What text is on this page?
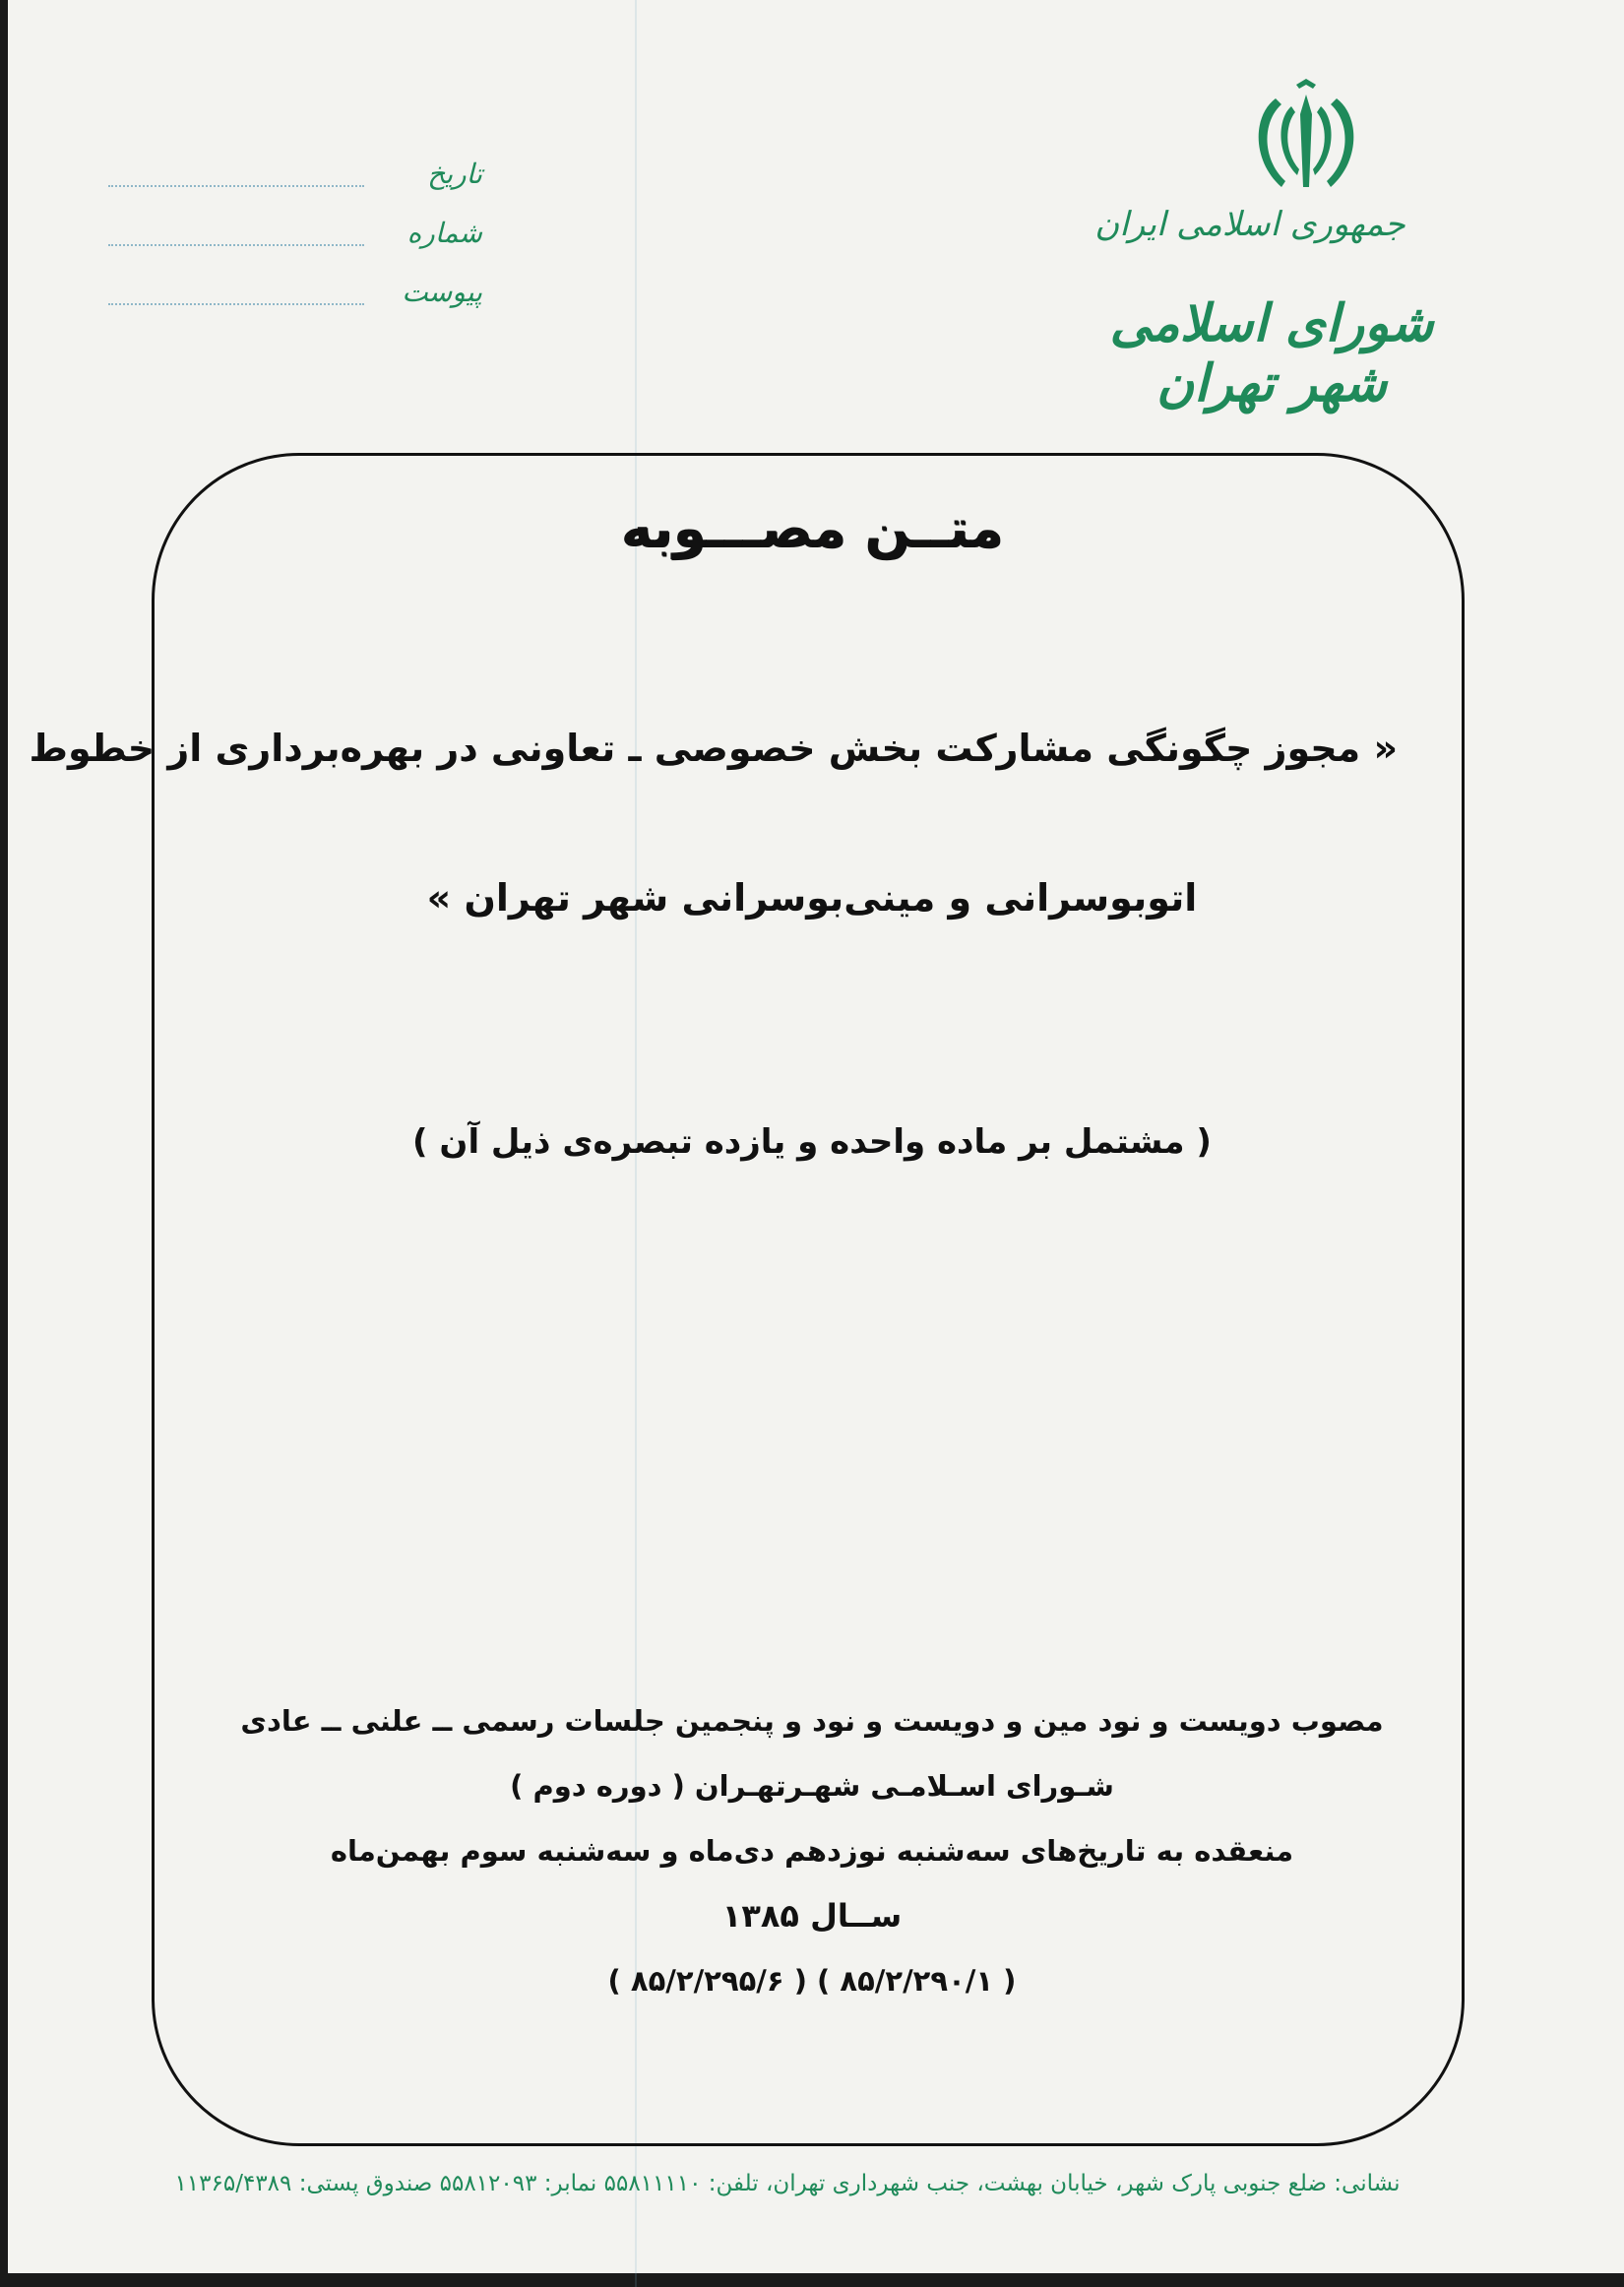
جمهوری اسلامی ایران
شورای اسلامی شهر تهران
تاریخ
شماره
پیوست
متــن مصـــوبه
« مجوز چگونگی مشارکت بخش خصوصی ـ تعاونی در بهره‌برداری از خطوط
اتوبوسرانی و مینی‌بوسرانی شهر تهران »
( مشتمل بر ماده واحده و یازده تبصره‌ی ذیل آن )
مصوب دویست و نود مین و دویست و نود و پنجمین جلسات رسمی ــ علنی ــ عادی
شـورای اسـلامـی شهـرتهـران ( دوره دوم )
منعقده به تاریخ‌های سه‌شنبه نوزدهم دی‌ماه و سه‌شنبه سوم بهمن‌ماه
ســال ۱۳۸۵
( ۸۵/۲/۲۹۰/۱ ) ( ۸۵/۲/۲۹۵/۶ )
نشانی: ضلع جنوبی پارک شهر، خیابان بهشت، جنب شهرداری تهران، تلفن: ۵۵۸۱۱۱۱۰ نمابر: ۵۵۸۱۲۰۹۳ صندوق پستی: ۱۱۳۶۵/۴۳۸۹
